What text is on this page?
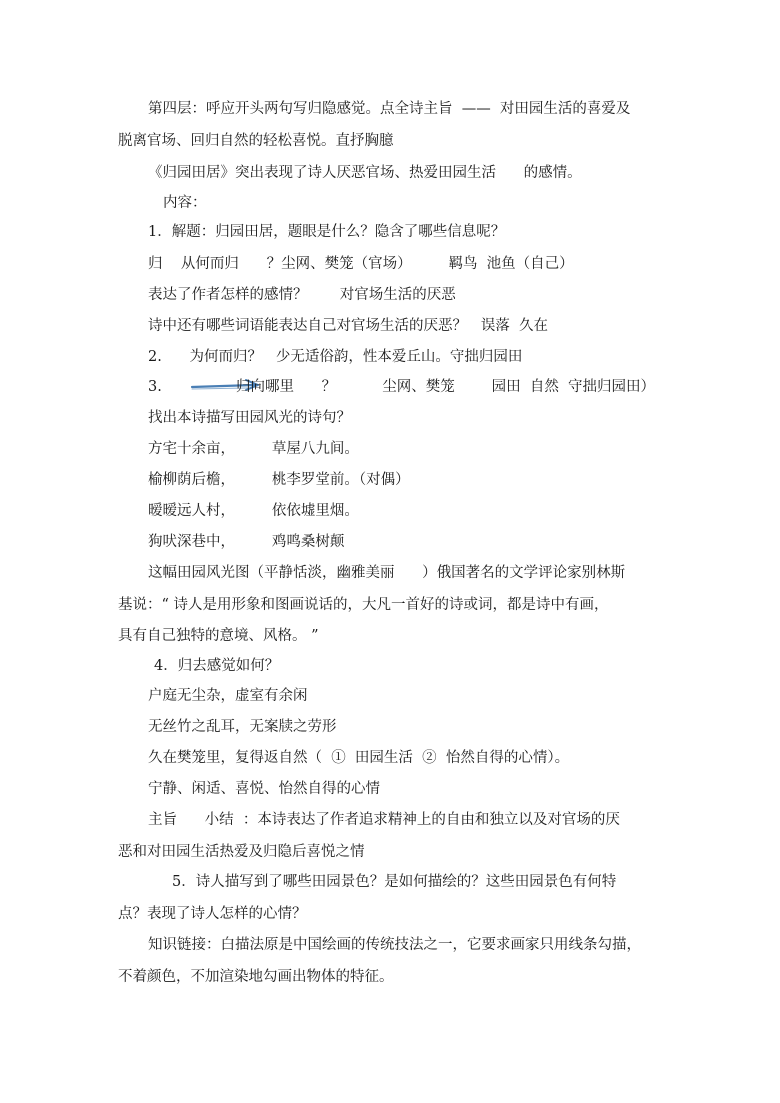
第四层：呼应开头两句写归隐感觉。点全诗主旨  ——  对田园生活的喜爱及
脱离官场、回归自然的轻松喜悦。直抒胸臆
《归园田居》突出表现了诗人厌恶官场、热爱田园生活      的感情。
内容：
1．解题：归园田居，题眼是什么？隐含了哪些信息呢？
归    从何而归      ？尘网、樊笼（官场）        羁鸟  池鱼（自己）
表达了作者怎样的感情？       对官场生活的厌恶
诗中还有哪些词语能表达自己对官场生活的厌恶？   误落  久在
2.      为何而归？   少无适俗韵，性本爱丘山。守拙归园田
3.	归向哪里      ？          尘网、樊笼        园田  自然  守拙归园田）
找出本诗描写田园风光的诗句？
方宅十余亩，        草屋八九间。
榆柳荫后檐，        桃李罗堂前。（对偶）
暧暧远人村，        依依墟里烟。
狗吠深巷中，        鸡鸣桑树颠
这幅田园风光图（平静恬淡，幽雅美丽      ）俄国著名的文学评论家别林斯
基说：“ 诗人是用形象和图画说话的，大凡一首好的诗或词，都是诗中有画，
具有自己独特的意境、风格。 ”
4．归去感觉如何？
户庭无尘杂，虚室有余闲
无丝竹之乱耳，无案牍之劳形
久在樊笼里，复得返自然（  ①  田园生活  ②  怡然自得的心情）。
宁静、闲适、喜悦、怡然自得的心情
主旨      小结  ：本诗表达了作者追求精神上的自由和独立以及对官场的厌
恶和对田园生活热爱及归隐后喜悦之情
5．诗人描写到了哪些田园景色？是如何描绘的？这些田园景色有何特
点？表现了诗人怎样的心情？
知识链接：白描法原是中国绘画的传统技法之一，它要求画家只用线条勾描，
不着颜色，不加渲染地勾画出物体的特征。
